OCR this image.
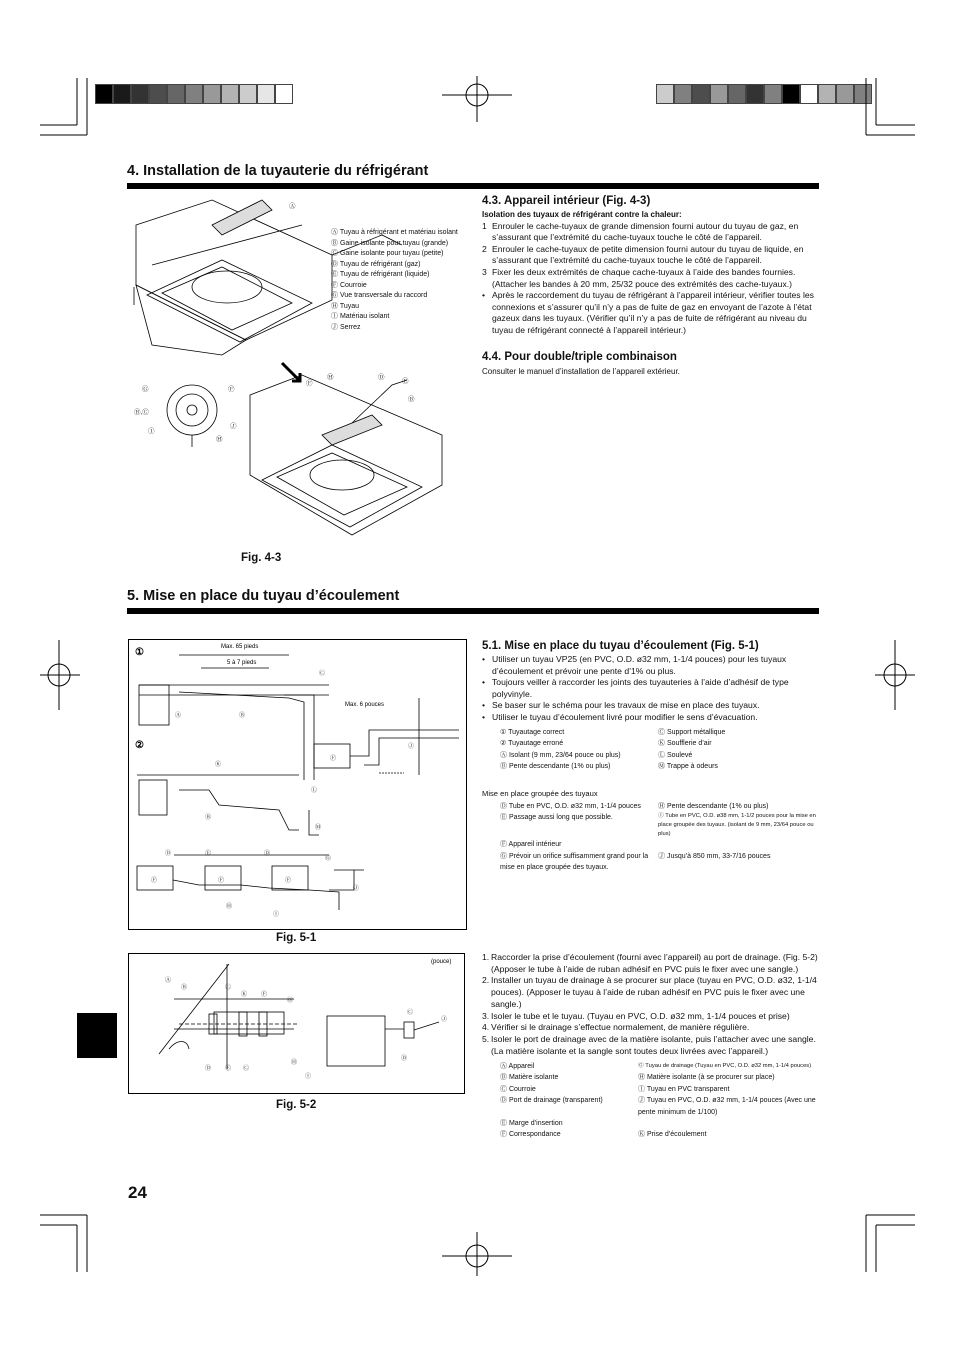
4. Installation de la tuyauterie du réfrigérant
Ⓐ
Ⓖ
Ⓑ,Ⓒ
Ⓘ
Ⓕ
Ⓙ
Ⓗ
Ⓕ
Ⓗ	Ⓓ
Ⓔ
Ⓑ
Ⓐ Tuyau à réfrigérant et matériau isolant
Ⓑ Gaine isolante pour tuyau (grande)
Ⓒ Gaine isolante pour tuyau (petite)
Ⓓ Tuyau de réfrigérant (gaz)
Ⓔ Tuyau de réfrigérant (liquide)
Ⓕ Courroie
Ⓖ Vue transversale du raccord
Ⓗ Tuyau
Ⓘ Matériau isolant
Ⓙ Serrez
Fig. 4-3
4.3. Appareil intérieur (Fig. 4-3)

Isolation des tuyaux de réfrigérant contre la chaleur:

1 Enrouler le cache-tuyaux de grande dimension fourni autour du tuyau de gaz, en s’assurant que l’extrémité du cache-tuyaux touche le côté de l’appareil.
2 Enrouler le cache-tuyaux de petite dimension fourni autour du tuyau de liquide, en s’assurant que l’extrémité du cache-tuyaux touche le côté de l’appareil.
3 Fixer les deux extrémités de chaque cache-tuyaux à l’aide des bandes fournies. (Attacher les bandes à 20 mm, 25/32 pouce des extrémités des cache-tuyaux.)
• Après le raccordement du tuyau de réfrigérant à l’appareil intérieur, vérifier toutes les connexions et s’assurer qu’il n’y a pas de fuite de gaz en envoyant de l’azote à l’état gazeux dans les tuyaux. (Vérifier qu’il n’y a pas de fuite de réfrigérant au niveau du tuyau de réfrigérant connecté à l’appareil intérieur.)
4.4. Pour double/triple combinaison
Consulter le manuel d’installation de l’appareil extérieur.
5. Mise en place du tuyau d’écoulement
①
②
Max. 65 pieds
5 à 7 pieds
Max. 6 pouces
Ⓐ	Ⓑ
Ⓒ
Ⓕ
Ⓙ
Ⓚ
Ⓛ
Ⓜ
Ⓑ
Ⓓ	Ⓔ	Ⓓ
Ⓖ
Ⓕ	Ⓕ	Ⓕ
Ⓗ
Ⓘ
Ⓙ
Fig. 5-1
5.1. Mise en place du tuyau d’écoulement (Fig. 5-1)
• Utiliser un tuyau VP25 (en PVC, O.D. ø32 mm, 1-1/4 pouces) pour les tuyaux d’écoulement et prévoir une pente d’1% ou plus.
• Toujours veiller à raccorder les joints des tuyauteries à l’aide d’adhésif de type polyvinyle.
• Se baser sur le schéma pour les travaux de mise en place des tuyaux.
• Utiliser le tuyau d’écoulement livré pour modifier le sens d’évacuation.
① Tuyautage correct	Ⓒ Support métallique
② Tuyautage erroné	Ⓚ Soufflerie d’air
Ⓐ Isolant (9 mm, 23/64 pouce ou plus)	Ⓛ Soulevé
Ⓑ Pente descendante (1% ou plus)	Ⓜ Trappe à odeurs
Mise en place groupée des tuyaux
Ⓓ Tube en PVC, O.D. ø32 mm, 1-1/4 pouces	Ⓗ Pente descendante (1% ou plus)
Ⓔ Passage aussi long que possible.	Ⓘ Tube en PVC, O.D. ø38 mm, 1-1/2 pouces pour la mise en place groupée des tuyaux. (isolant de 9 mm, 23/64 pouce ou plus)
Ⓕ Appareil intérieur
Ⓖ Prévoir un orifice suffisamment grand pour la mise en place groupée des tuyaux.
Ⓙ Jusqu’à 850 mm, 33-7/16 pouces
(pouce)
Ⓐ
Ⓑ	Ⓒ
Ⓚ Ⓕ
Ⓖ
Ⓗ
Ⓓ Ⓔ Ⓒ
Ⓘ
Ⓒ
Ⓙ
Ⓓ
Fig. 5-2
1. Raccorder la prise d’écoulement (fourni avec l’appareil) au port de drainage. (Fig. 5-2) (Apposer le tube à l’aide de ruban adhésif en PVC puis le fixer avec une sangle.)
2. Installer un tuyau de drainage à se procurer sur place (tuyau en PVC, O.D. ø32, 1-1/4 pouces). (Apposer le tuyau à l’aide de ruban adhésif en PVC puis le fixer avec une sangle.)
3. Isoler le tube et le tuyau. (Tuyau en PVC, O.D. ø32 mm, 1-1/4 pouces et prise)
4. Vérifier si le drainage s’effectue normalement, de manière régulière.
5. Isoler le port de drainage avec de la matière isolante, puis l’attacher avec une sangle. (La matière isolante et la sangle sont toutes deux livrées avec l’appareil.)
Ⓐ Appareil	Ⓖ Tuyau de drainage (Tuyau en PVC, O.D. ø32 mm, 1-1/4 pouces)
Ⓑ Matière isolante	Ⓗ Matière isolante (à se procurer sur place)
Ⓒ Courroie	Ⓘ Tuyau en PVC transparent
Ⓓ Port de drainage (transparent)	Ⓙ Tuyau en PVC, O.D. ø32 mm, 1-1/4 pouces (Avec une pente minimum de 1/100)
Ⓔ Marge d’insertion
Ⓕ Correspondance	Ⓚ Prise d’écoulement
24
